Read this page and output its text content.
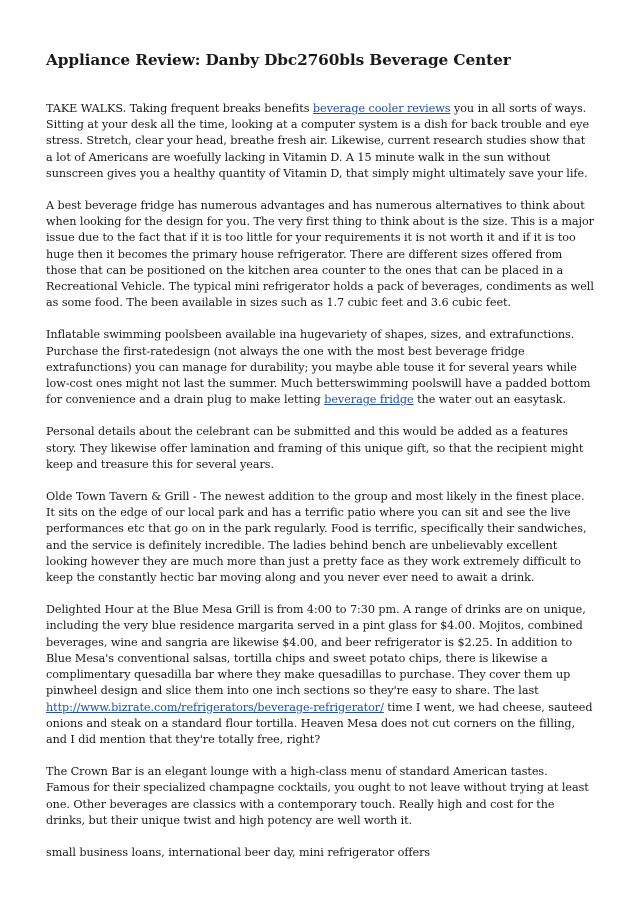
Appliance Review: Danby Dbc2760bls Beverage Center

TAKE WALKS. Taking frequent breaks benefits beverage cooler reviews you in all sorts of ways. Sitting at your desk all the time, looking at a computer system is a dish for back trouble and eye stress. Stretch, clear your head, breathe fresh air. Likewise, current research studies show that a lot of Americans are woefully lacking in Vitamin D. A 15 minute walk in the sun without sunscreen gives you a healthy quantity of Vitamin D, that simply might ultimately save your life.

A best beverage fridge has numerous advantages and has numerous alternatives to think about when looking for the design for you. The very first thing to think about is the size. This is a major issue due to the fact that if it is too little for your requirements it is not worth it and if it is too huge then it becomes the primary house refrigerator. There are different sizes offered from those that can be positioned on the kitchen area counter to the ones that can be placed in a Recreational Vehicle. The typical mini refrigerator holds a pack of beverages, condiments as well as some food. The been available in sizes such as 1.7 cubic feet and 3.6 cubic feet.

Inflatable swimming poolsbeen available ina hugevariety of shapes, sizes, and extrafunctions. Purchase the first-ratedesign (not always the one with the most best beverage fridge extrafunctions) you can manage for durability; you maybe able touse it for several years while low-cost ones might not last the summer. Much betterswimming poolswill have a padded bottom for convenience and a drain plug to make letting beverage fridge the water out an easytask.

Personal details about the celebrant can be submitted and this would be added as a features story. They likewise offer lamination and framing of this unique gift, so that the recipient might keep and treasure this for several years.

Olde Town Tavern & Grill - The newest addition to the group and most likely in the finest place. It sits on the edge of our local park and has a terrific patio where you can sit and see the live performances etc that go on in the park regularly. Food is terrific, specifically their sandwiches, and the service is definitely incredible. The ladies behind bench are unbelievably excellent looking however they are much more than just a pretty face as they work extremely difficult to keep the constantly hectic bar moving along and you never ever need to await a drink.

Delighted Hour at the Blue Mesa Grill is from 4:00 to 7:30 pm. A range of drinks are on unique, including the very blue residence margarita served in a pint glass for $4.00. Mojitos, combined beverages, wine and sangria are likewise $4.00, and beer refrigerator is $2.25. In addition to Blue Mesa's conventional salsas, tortilla chips and sweet potato chips, there is likewise a complimentary quesadilla bar where they make quesadillas to purchase. They cover them up pinwheel design and slice them into one inch sections so they're easy to share. The last http://www.bizrate.com/refrigerators/beverage-refrigerator/ time I went, we had cheese, sauteed onions and steak on a standard flour tortilla. Heaven Mesa does not cut corners on the filling, and I did mention that they're totally free, right?

The Crown Bar is an elegant lounge with a high-class menu of standard American tastes. Famous for their specialized champagne cocktails, you ought to not leave without trying at least one. Other beverages are classics with a contemporary touch. Really high and cost for the drinks, but their unique twist and high potency are well worth it.

small business loans, international beer day, mini refrigerator offers
